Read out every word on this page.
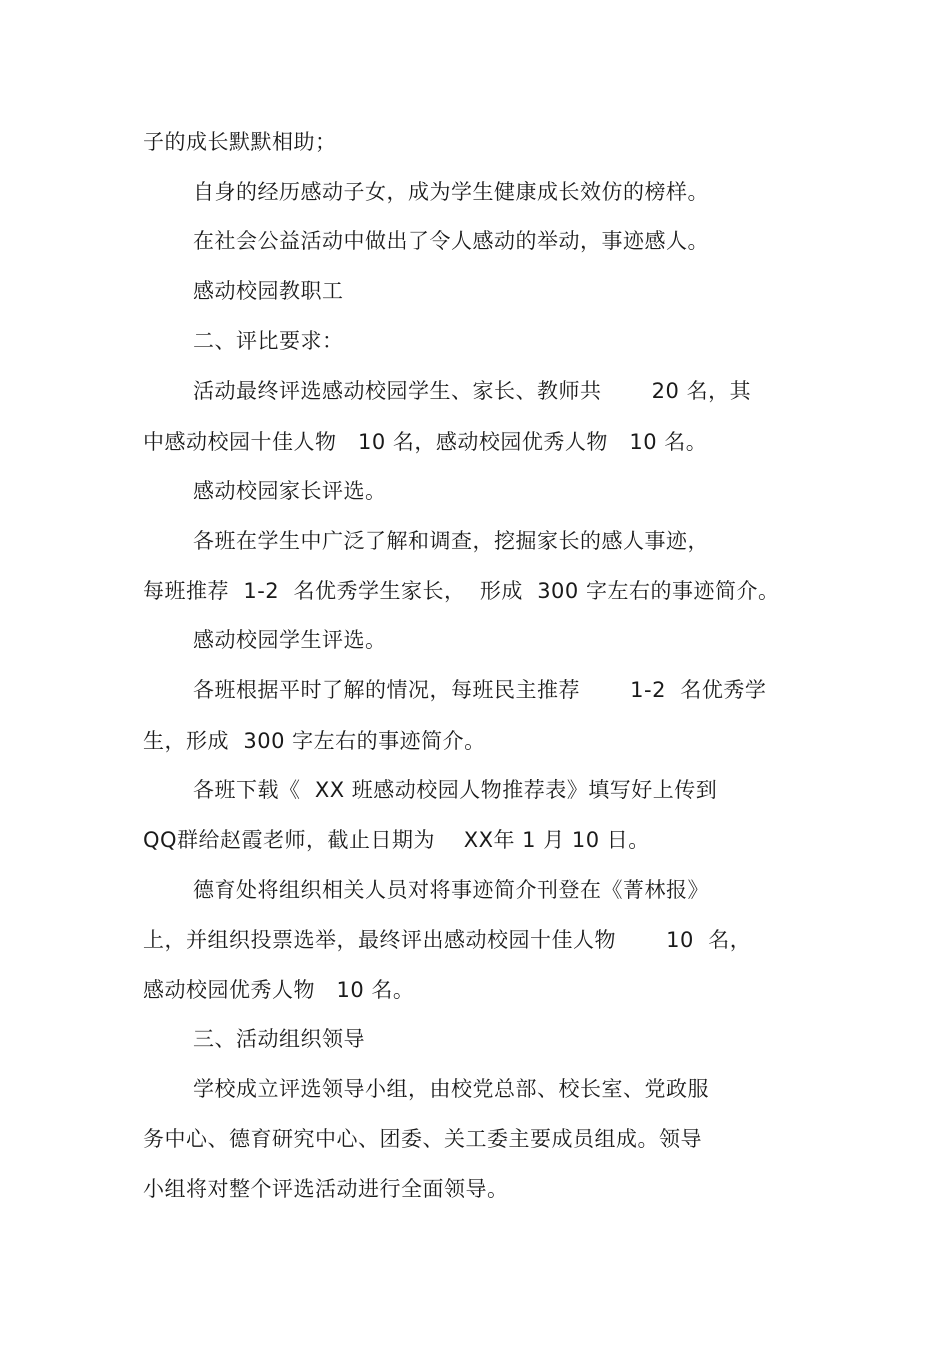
子的成长默默相助；
自身的经历感动子女，成为学生健康成长效仿的榜样。
在社会公益活动中做出了令人感动的举动，事迹感人。
感动校园教职工
二、评比要求：
活动最终评选感动校园学生、家长、教师共　　 20 名，其
中感动校园十佳人物　10 名，感动校园优秀人物　10 名。
感动校园家长评选。
各班在学生中广泛了解和调查，挖掘家长的感人事迹，
每班推荐  1-2  名优秀学生家长，  形成  300 字左右的事迹简介。
感动校园学生评选。
各班根据平时了解的情况，每班民主推荐　　 1-2  名优秀学
生，形成  300 字左右的事迹简介。
各班下载《  XX 班感动校园人物推荐表》填写好上传到
QQ群给赵霞老师，截止日期为　 XX年 1 月 10 日。
德育处将组织相关人员对将事迹简介刊登在《菁林报》
上，并组织投票选举，最终评出感动校园十佳人物　　 10  名，
感动校园优秀人物　10 名。
三、活动组织领导
学校成立评选领导小组，由校党总部、校长室、党政服
务中心、德育研究中心、团委、关工委主要成员组成。领导
小组将对整个评选活动进行全面领导。
